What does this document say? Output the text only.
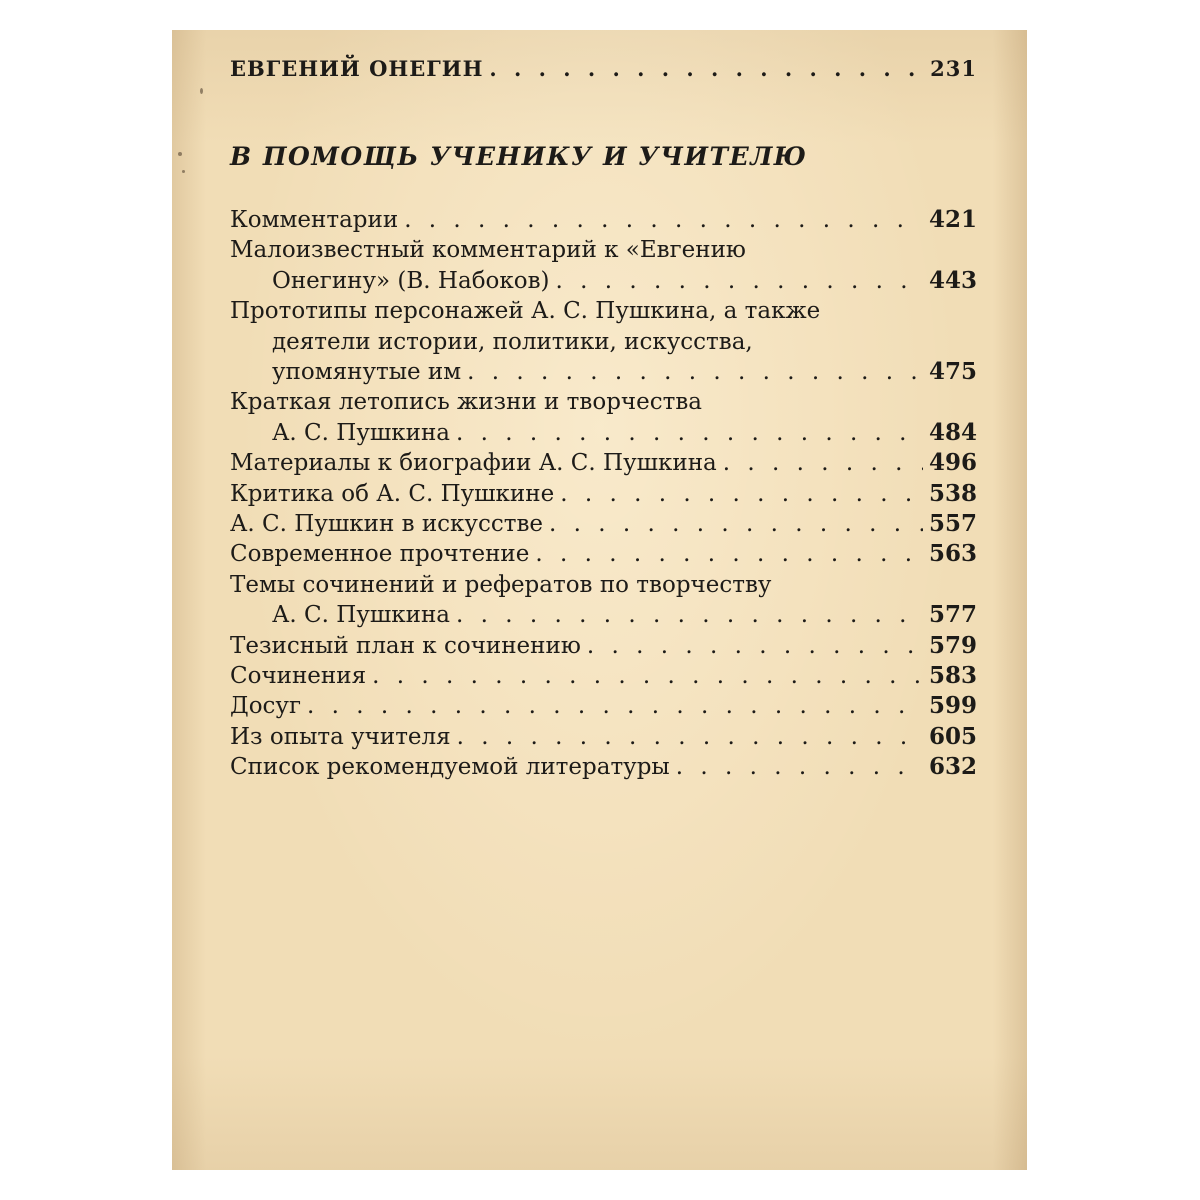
ЕВГЕНИЙ ОНЕГИН . . .	231
В ПОМОЩЬ УЧЕНИКУ И УЧИТЕЛЮ
Комментарии . . .	421
Малоизвестный комментарий к «Евгению
Онегину» (В. Набоков) . . .	443
Прототипы персонажей А. С. Пушкина, а также
деятели истории, политики, искусства,
упомянутые им . . .	475
Краткая летопись жизни и творчества
А. С. Пушкина . . .	484
Материалы к биографии А. С. Пушкина . . .	496
Критика об А. С. Пушкине . . .	538
А. С. Пушкин в искусстве . . .	557
Современное прочтение . . .	563
Темы сочинений и рефератов по творчеству
А. С. Пушкина . . .	577
Тезисный план к сочинению . . .	579
Сочинения . . .	583
Досуг . . .	599
Из опыта учителя . . .	605
Список рекомендуемой литературы . . .	632
